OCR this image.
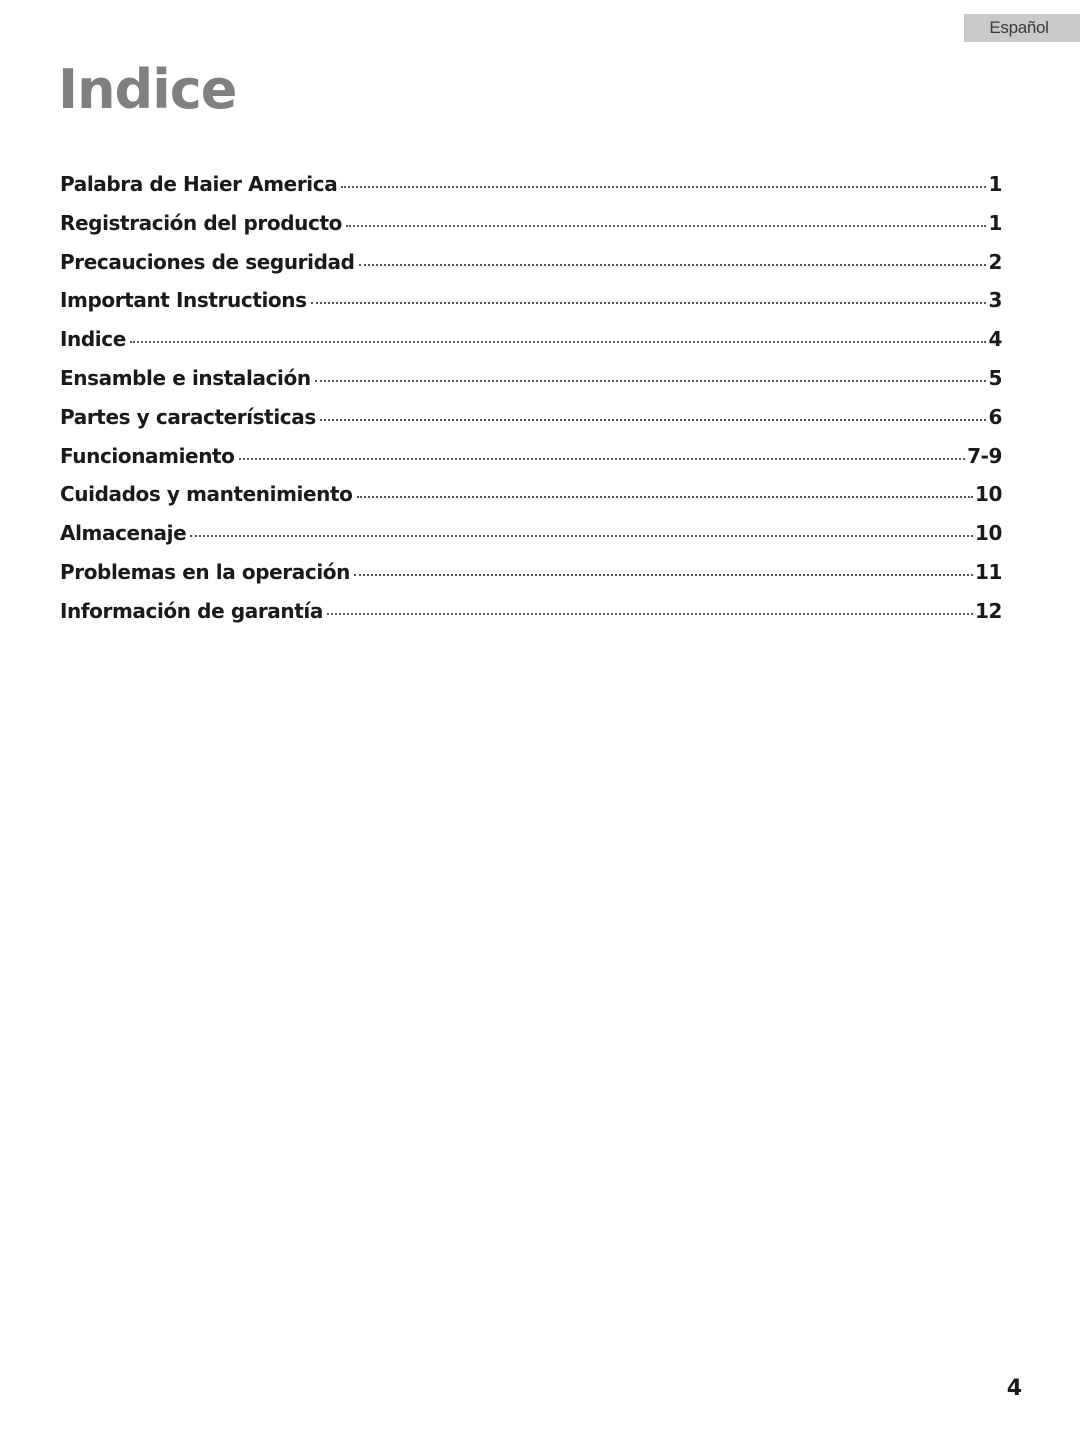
Español
Indice
Palabra de Haier America	1
Registración del producto	1
Precauciones de seguridad	2
Important Instructions	3
Indice	4
Ensamble e instalación	5
Partes y características	6
Funcionamiento	7-9
Cuidados y mantenimiento	10
Almacenaje	10
Problemas en la operación	11
Información de garantía	12
4
